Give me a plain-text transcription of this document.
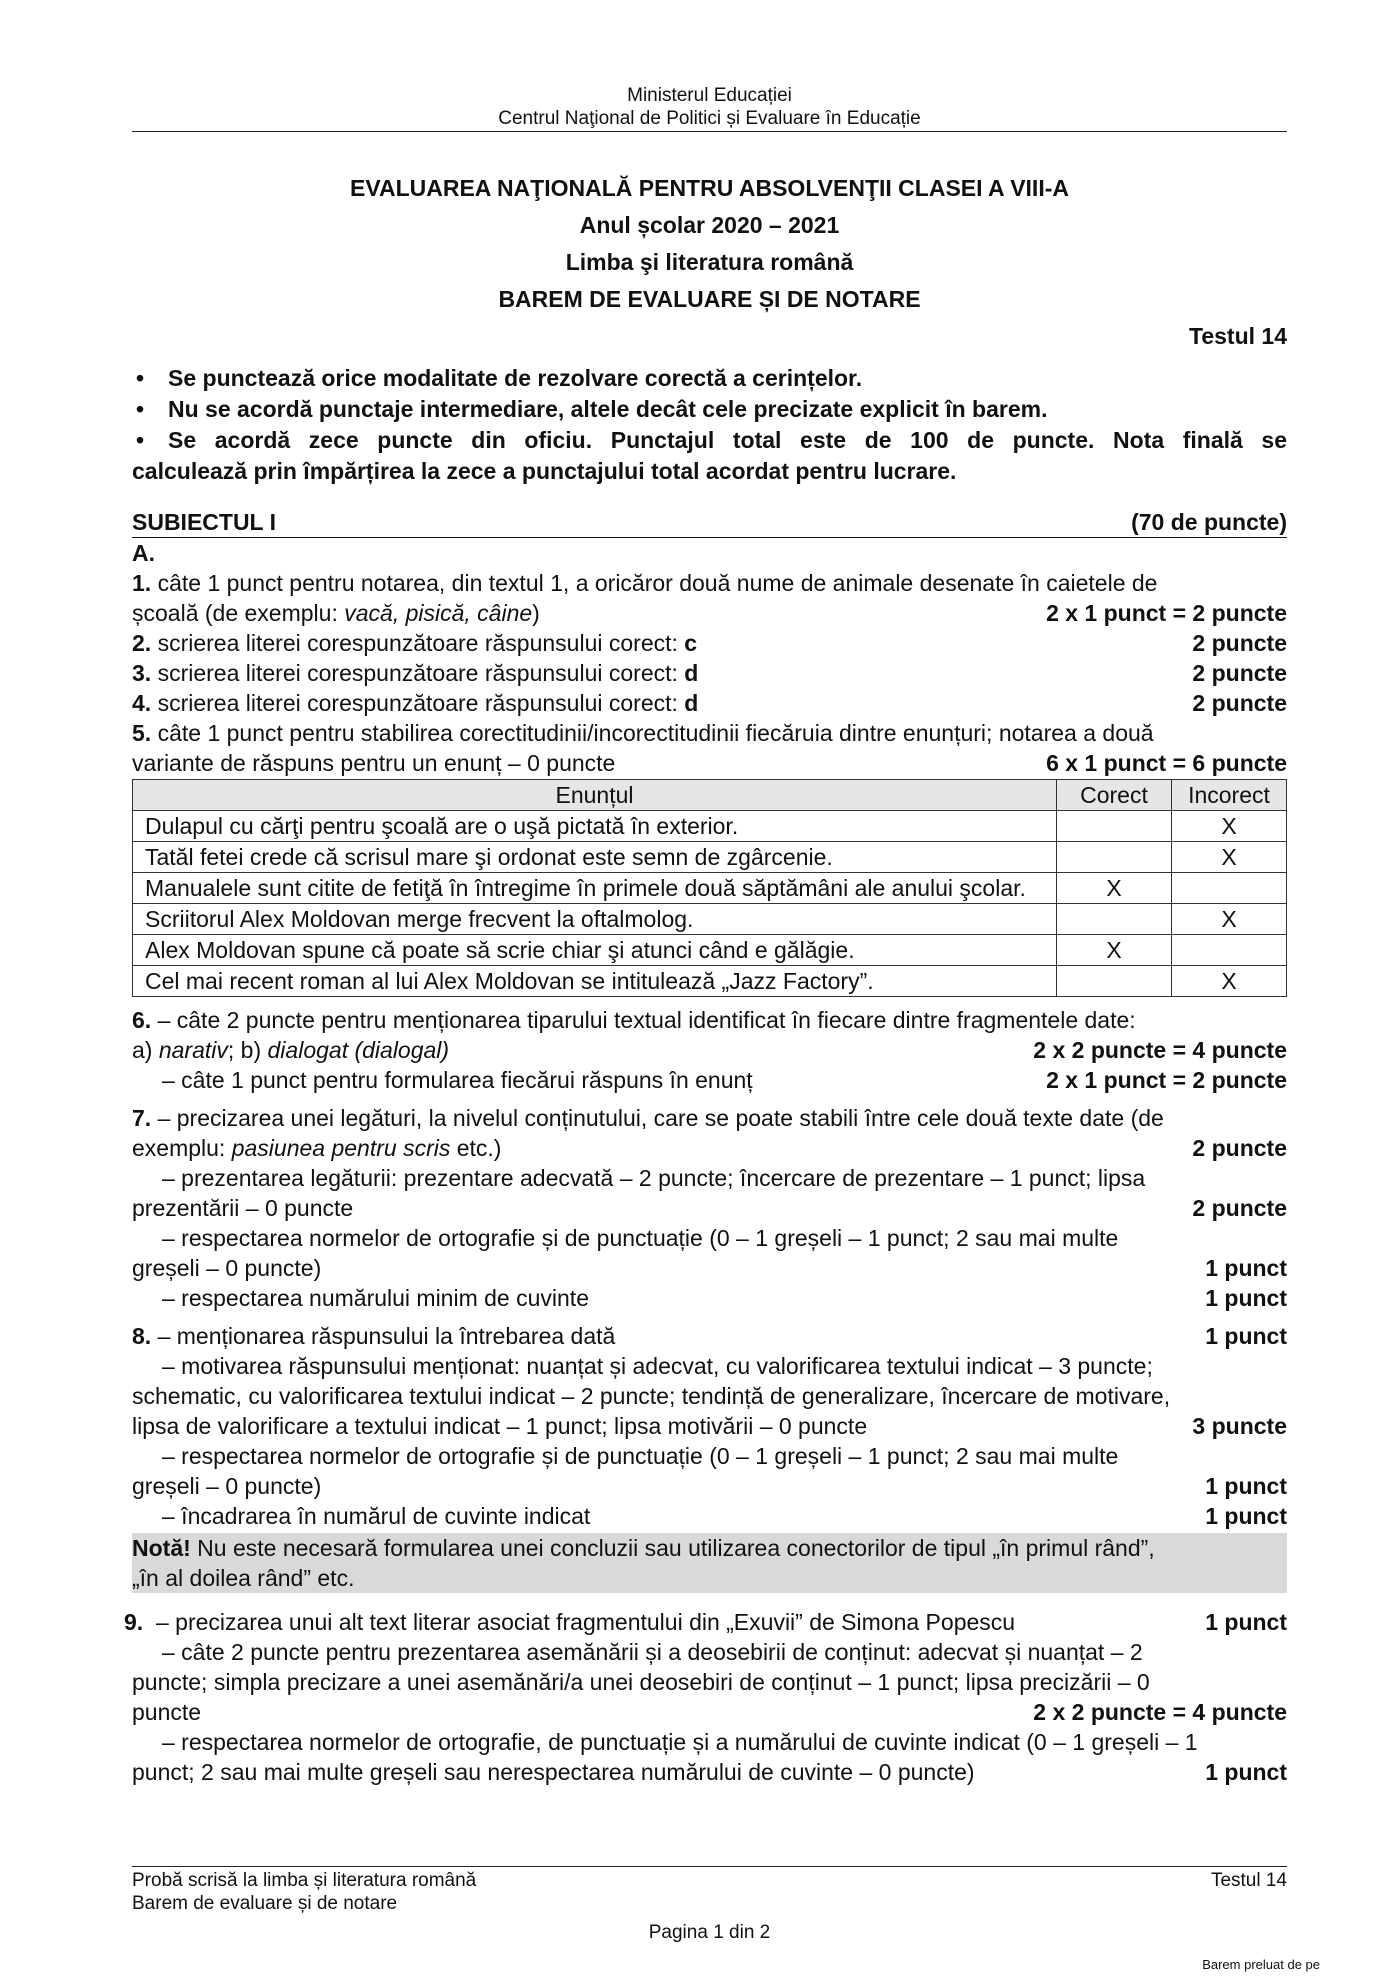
Ministerul Educației
Centrul Naţional de Politici și Evaluare în Educație
EVALUAREA NAŢIONALĂ PENTRU ABSOLVENŢII CLASEI A VIII-A
Anul școlar 2020 – 2021
Limba şi literatura română
BAREM DE EVALUARE ȘI DE NOTARE
Testul 14
•	Se punctează orice modalitate de rezolvare corectă a cerințelor.
•	Nu se acordă punctaje intermediare, altele decât cele precizate explicit în barem.
•	Se acordă zece puncte din oficiu. Punctajul total este de 100 de puncte. Nota finală se
calculează prin împărțirea la zece a punctajului total acordat pentru lucrare.
SUBIECTUL I	(70 de puncte)
A.
1. câte 1 punct pentru notarea, din textul 1, a oricăror două nume de animale desenate în caietele de
școală (de exemplu: vacă, pisică, câine)	2 x 1 punct = 2 puncte
2. scrierea literei corespunzătoare răspunsului corect: c	2 puncte
3. scrierea literei corespunzătoare răspunsului corect: d	2 puncte
4. scrierea literei corespunzătoare răspunsului corect: d	2 puncte
5. câte 1 punct pentru stabilirea corectitudinii/incorectitudinii fiecăruia dintre enunțuri; notarea a două
variante de răspuns pentru un enunț – 0 puncte	6 x 1 punct = 6 puncte
Enunțul	Corect	Incorect
Dulapul cu cărţi pentru şcoală are o uşă pictată în exterior.		X
Tatăl fetei crede că scrisul mare şi ordonat este semn de zgârcenie.		X
Manualele sunt citite de fetiţă în întregime în primele două săptămâni ale anului şcolar.	X	
Scriitorul Alex Moldovan merge frecvent la oftalmolog.		X
Alex Moldovan spune că poate să scrie chiar şi atunci când e gălăgie.	X	
Cel mai recent roman al lui Alex Moldovan se intitulează „Jazz Factory”.		X
6. – câte 2 puncte pentru menționarea tiparului textual identificat în fiecare dintre fragmentele date:
a) narativ; b) dialogat (dialogal)	2 x 2 puncte = 4 puncte
– câte 1 punct pentru formularea fiecărui răspuns în enunț	2 x 1 punct = 2 puncte
7. – precizarea unei legături, la nivelul conținutului, care se poate stabili între cele două texte date (de
exemplu: pasiunea pentru scris etc.)	2 puncte
– prezentarea legăturii: prezentare adecvată – 2 puncte; încercare de prezentare – 1 punct; lipsa
prezentării – 0 puncte	2 puncte
– respectarea normelor de ortografie și de punctuație (0 – 1 greșeli – 1 punct; 2 sau mai multe
greșeli – 0 puncte)	1 punct
– respectarea numărului minim de cuvinte	1 punct
8. – menționarea răspunsului la întrebarea dată	1 punct
– motivarea răspunsului menționat: nuanțat și adecvat, cu valorificarea textului indicat – 3 puncte;
schematic, cu valorificarea textului indicat – 2 puncte; tendință de generalizare, încercare de motivare,
lipsa de valorificare a textului indicat – 1 punct; lipsa motivării – 0 puncte	3 puncte
– respectarea normelor de ortografie și de punctuație (0 – 1 greșeli – 1 punct; 2 sau mai multe
greșeli – 0 puncte)	1 punct
– încadrarea în numărul de cuvinte indicat	1 punct
Notă! Nu este necesară formularea unei concluzii sau utilizarea conectorilor de tipul „în primul rând”,
„în al doilea rând” etc.
9. – precizarea unui alt text literar asociat fragmentului din „Exuvii” de Simona Popescu	1 punct
– câte 2 puncte pentru prezentarea asemănării și a deosebirii de conținut: adecvat și nuanțat – 2
puncte; simpla precizare a unei asemănări/a unei deosebiri de conținut – 1 punct; lipsa precizării – 0
puncte	2 x 2 puncte = 4 puncte
– respectarea normelor de ortografie, de punctuație și a numărului de cuvinte indicat (0 – 1 greșeli – 1
punct; 2 sau mai multe greșeli sau nerespectarea numărului de cuvinte – 0 puncte)	1 punct
Probă scrisă la limba și literatura română	Testul 14
Barem de evaluare și de notare
Pagina 1 din 2
Barem preluat de pe
